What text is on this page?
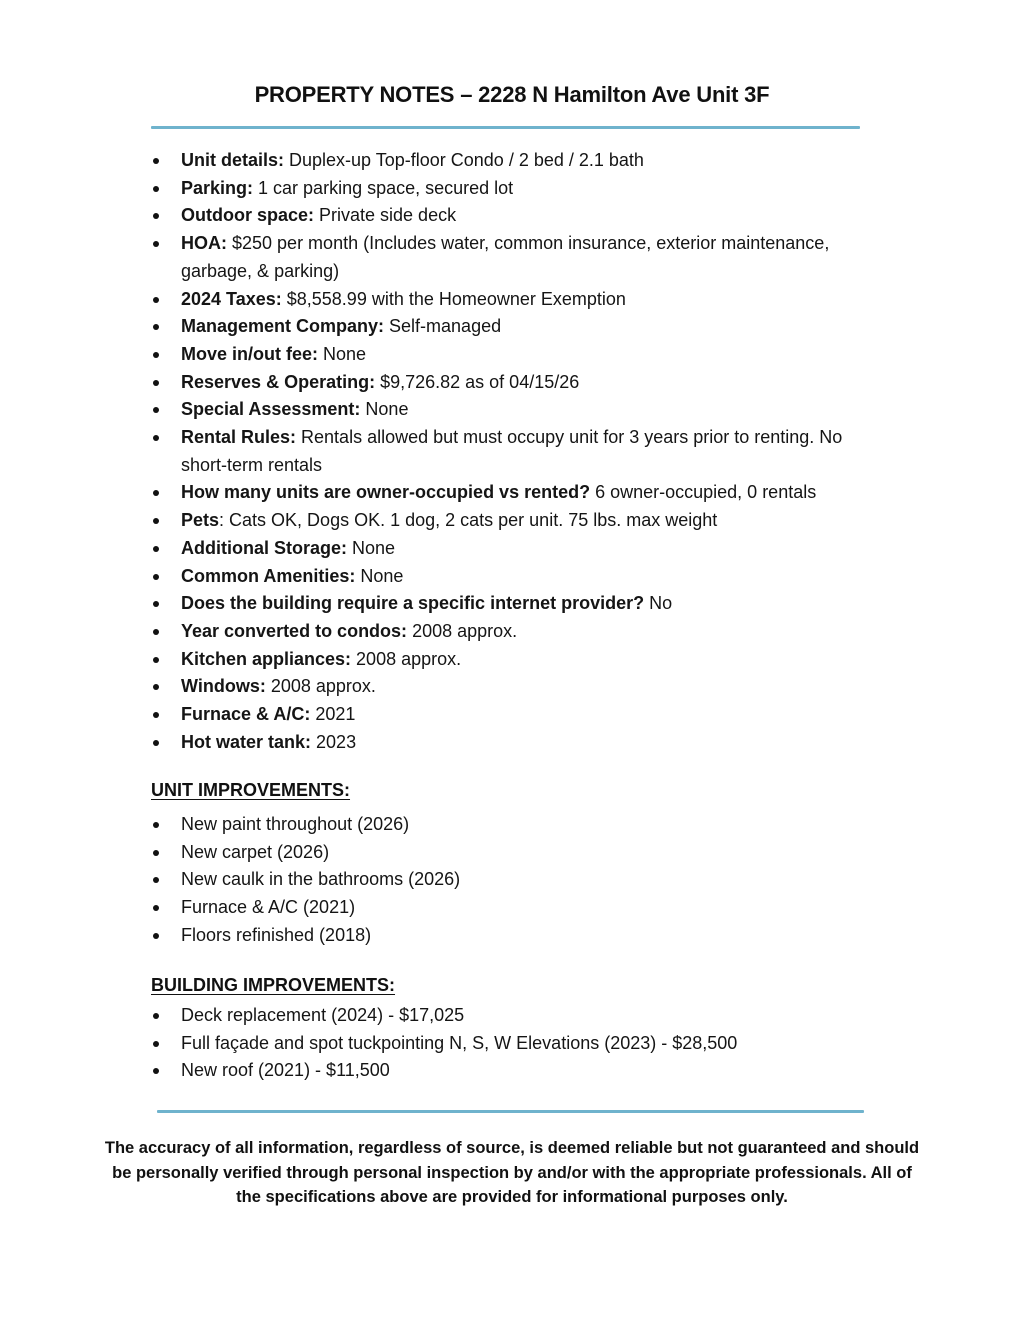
PROPERTY NOTES – 2228 N Hamilton Ave Unit 3F
Unit details: Duplex-up Top-floor Condo / 2 bed / 2.1 bath
Parking: 1 car parking space, secured lot
Outdoor space: Private side deck
HOA: $250 per month (Includes water, common insurance, exterior maintenance, garbage, & parking)
2024 Taxes: $8,558.99 with the Homeowner Exemption
Management Company: Self-managed
Move in/out fee: None
Reserves & Operating: $9,726.82 as of 04/15/26
Special Assessment: None
Rental Rules: Rentals allowed but must occupy unit for 3 years prior to renting. No short-term rentals
How many units are owner-occupied vs rented? 6 owner-occupied, 0 rentals
Pets: Cats OK, Dogs OK. 1 dog, 2 cats per unit. 75 lbs. max weight
Additional Storage: None
Common Amenities: None
Does the building require a specific internet provider? No
Year converted to condos: 2008 approx.
Kitchen appliances: 2008 approx.
Windows: 2008 approx.
Furnace & A/C: 2021
Hot water tank: 2023
UNIT IMPROVEMENTS:
New paint throughout (2026)
New carpet (2026)
New caulk in the bathrooms (2026)
Furnace & A/C (2021)
Floors refinished (2018)
BUILDING IMPROVEMENTS:
Deck replacement (2024) - $17,025
Full façade and spot tuckpointing N, S, W Elevations (2023) - $28,500
New roof (2021) - $11,500

The accuracy of all information, regardless of source, is deemed reliable but not guaranteed and should be personally verified through personal inspection by and/or with the appropriate professionals. All of the specifications above are provided for informational purposes only.
